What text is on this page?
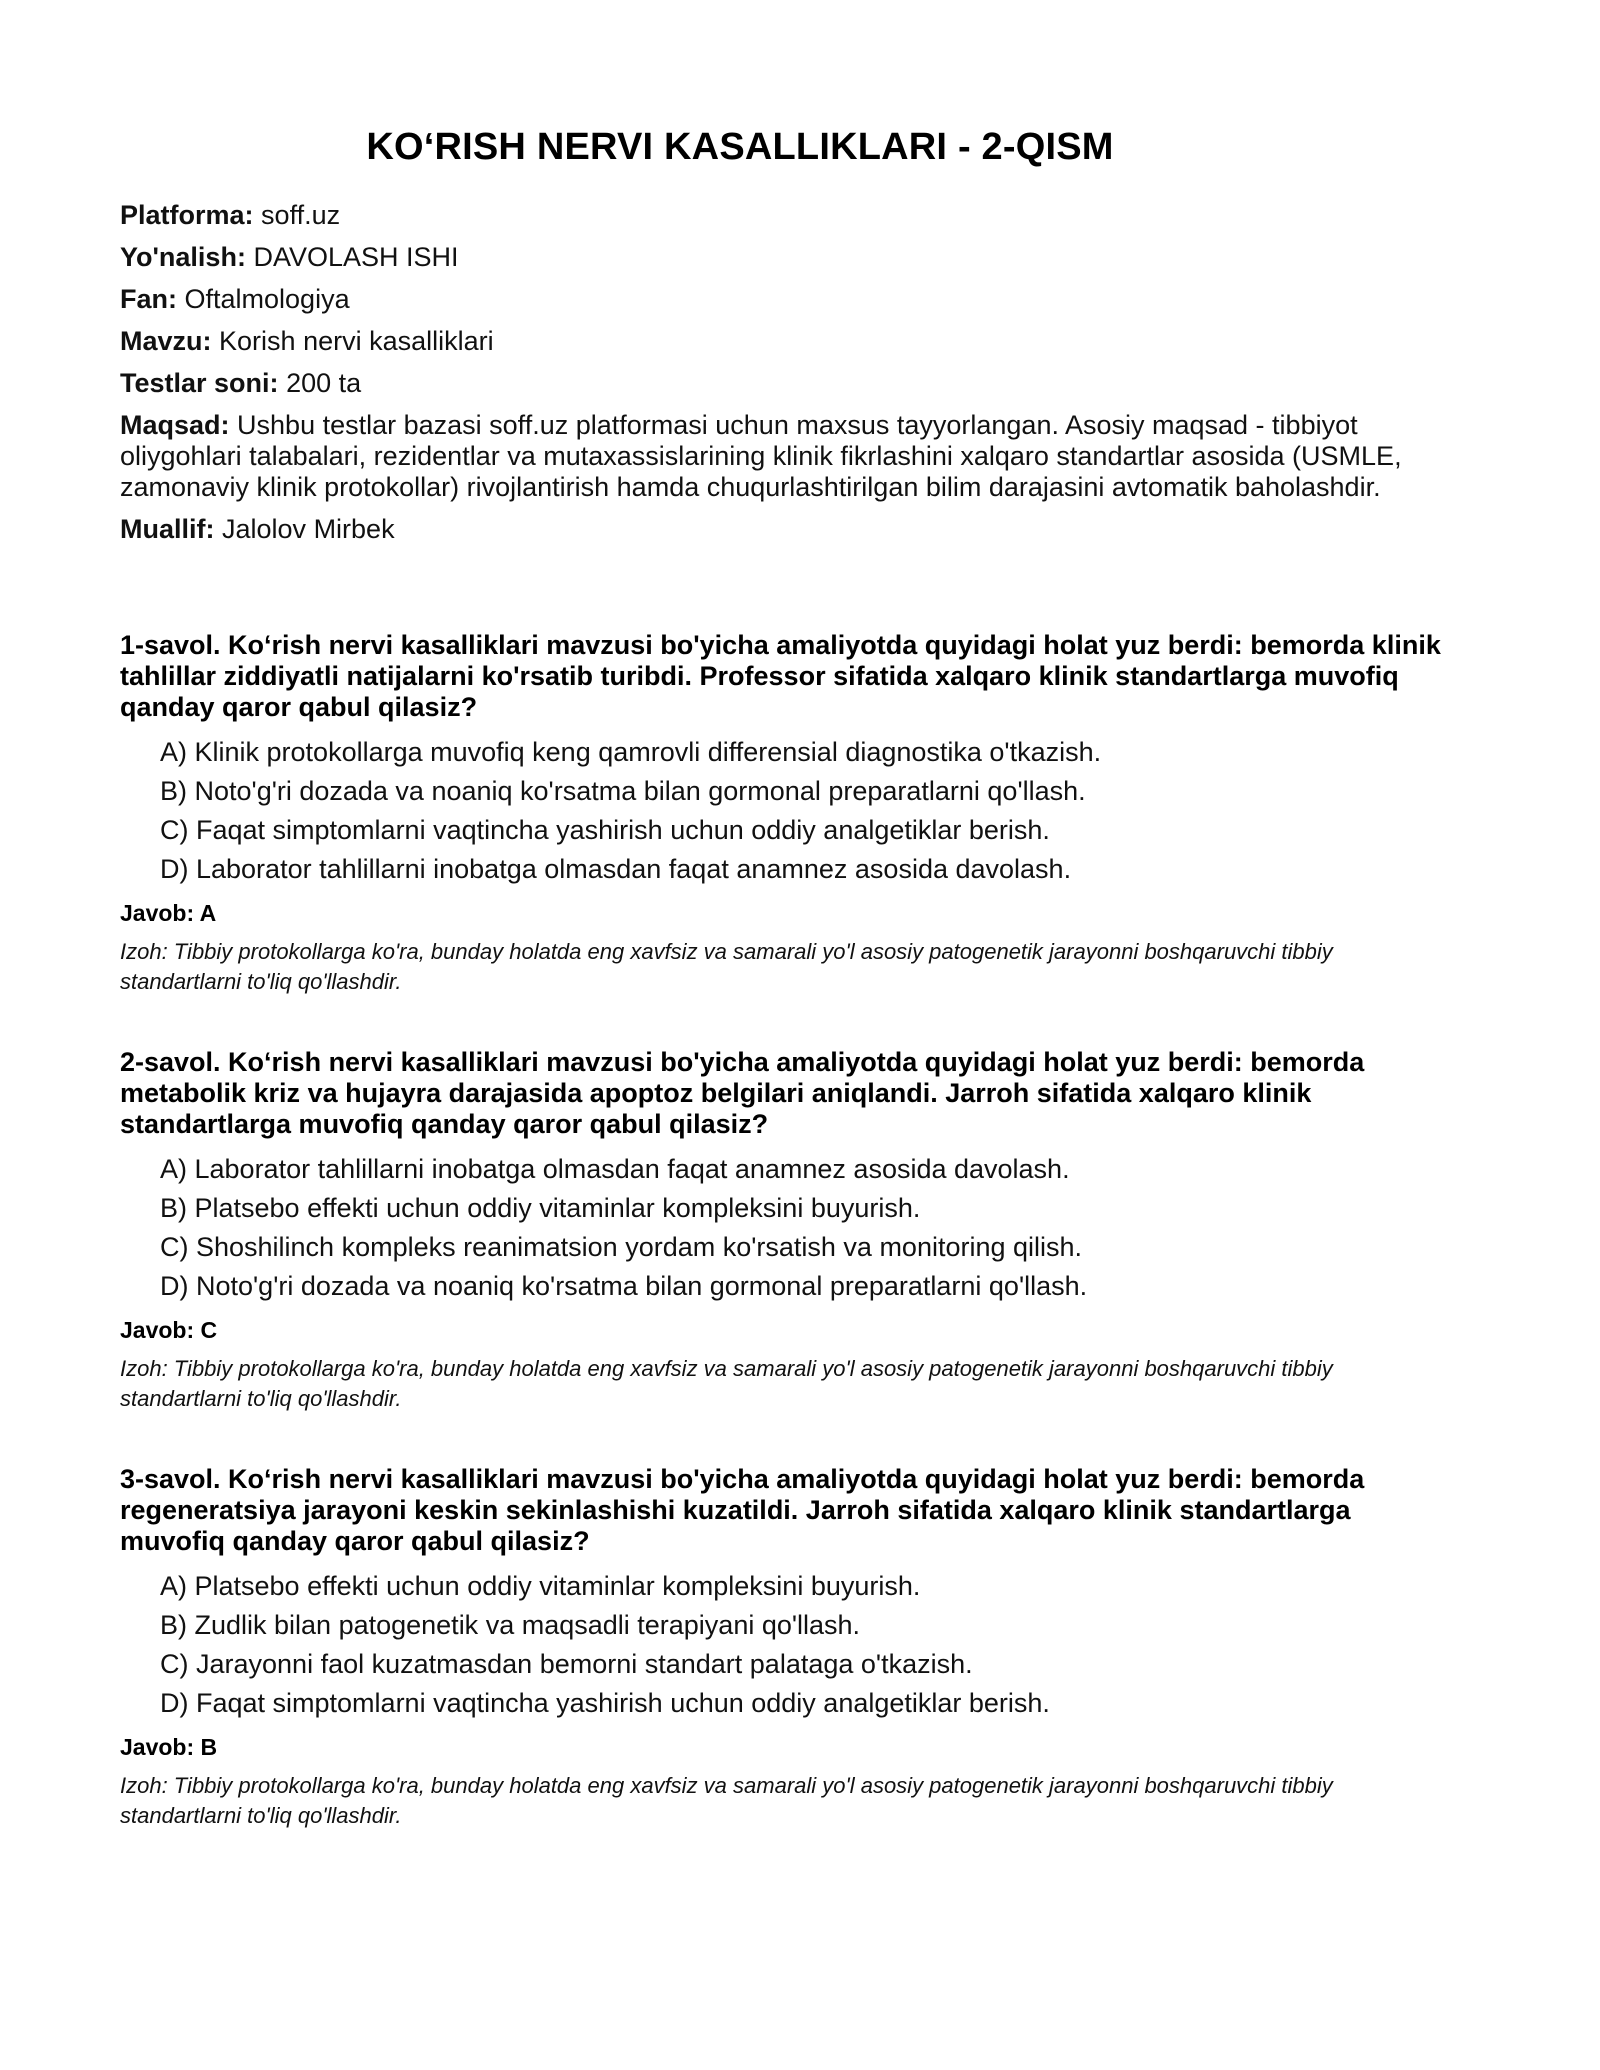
KO‘RISH NERVI KASALLIKLARI - 2-QISM
Platforma: soff.uz
Yo'nalish: DAVOLASH ISHI
Fan: Oftalmologiya
Mavzu: Korish nervi kasalliklari
Testlar soni: 200 ta
Maqsad: Ushbu testlar bazasi soff.uz platformasi uchun maxsus tayyorlangan. Asosiy maqsad - tibbiyot oliygohlari talabalari, rezidentlar va mutaxassislarining klinik fikrlashini xalqaro standartlar asosida (USMLE, zamonaviy klinik protokollar) rivojlantirish hamda chuqurlashtirilgan bilim darajasini avtomatik baholashdir.
Muallif: Jalolov Mirbek
1-savol. Ko‘rish nervi kasalliklari mavzusi bo'yicha amaliyotda quyidagi holat yuz berdi: bemorda klinik tahlillar ziddiyatli natijalarni ko'rsatib turibdi. Professor sifatida xalqaro klinik standartlarga muvofiq qanday qaror qabul qilasiz?
A) Klinik protokollarga muvofiq keng qamrovli differensial diagnostika o'tkazish.
B) Noto'g'ri dozada va noaniq ko'rsatma bilan gormonal preparatlarni qo'llash.
C) Faqat simptomlarni vaqtincha yashirish uchun oddiy analgetiklar berish.
D) Laborator tahlillarni inobatga olmasdan faqat anamnez asosida davolash.
Javob: A
Izoh: Tibbiy protokollarga ko'ra, bunday holatda eng xavfsiz va samarali yo'l asosiy patogenetik jarayonni boshqaruvchi tibbiy standartlarni to'liq qo'llashdir.
2-savol. Ko‘rish nervi kasalliklari mavzusi bo'yicha amaliyotda quyidagi holat yuz berdi: bemorda metabolik kriz va hujayra darajasida apoptoz belgilari aniqlandi. Jarroh sifatida xalqaro klinik standartlarga muvofiq qanday qaror qabul qilasiz?
A) Laborator tahlillarni inobatga olmasdan faqat anamnez asosida davolash.
B) Platsebo effekti uchun oddiy vitaminlar kompleksini buyurish.
C) Shoshilinch kompleks reanimatsion yordam ko'rsatish va monitoring qilish.
D) Noto'g'ri dozada va noaniq ko'rsatma bilan gormonal preparatlarni qo'llash.
Javob: C
Izoh: Tibbiy protokollarga ko'ra, bunday holatda eng xavfsiz va samarali yo'l asosiy patogenetik jarayonni boshqaruvchi tibbiy standartlarni to'liq qo'llashdir.
3-savol. Ko‘rish nervi kasalliklari mavzusi bo'yicha amaliyotda quyidagi holat yuz berdi: bemorda regeneratsiya jarayoni keskin sekinlashishi kuzatildi. Jarroh sifatida xalqaro klinik standartlarga muvofiq qanday qaror qabul qilasiz?
A) Platsebo effekti uchun oddiy vitaminlar kompleksini buyurish.
B) Zudlik bilan patogenetik va maqsadli terapiyani qo'llash.
C) Jarayonni faol kuzatmasdan bemorni standart palataga o'tkazish.
D) Faqat simptomlarni vaqtincha yashirish uchun oddiy analgetiklar berish.
Javob: B
Izoh: Tibbiy protokollarga ko'ra, bunday holatda eng xavfsiz va samarali yo'l asosiy patogenetik jarayonni boshqaruvchi tibbiy standartlarni to'liq qo'llashdir.
